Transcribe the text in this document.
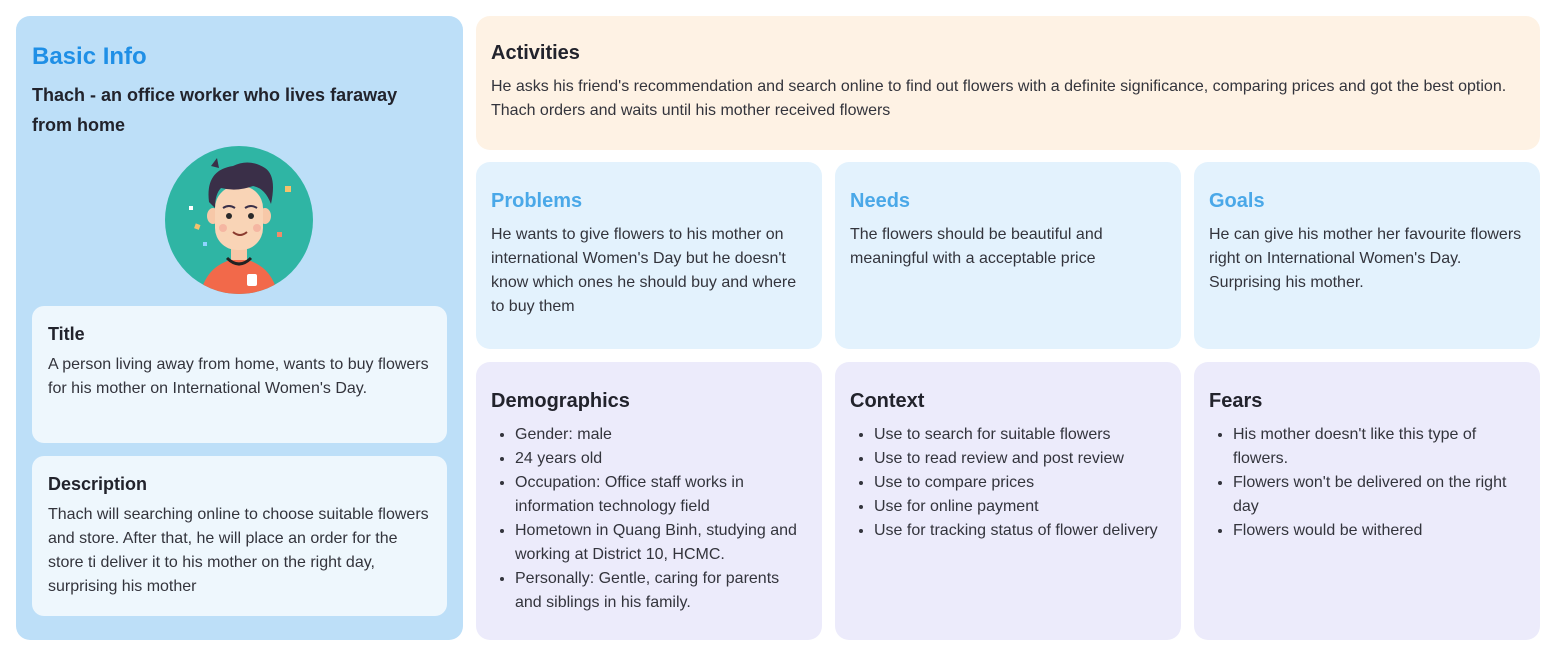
Basic Info

Thach - an office worker who lives faraway from home

Title

A person living away from home, wants to buy flowers for his mother on International Women's Day.

Description

Thach will searching online to choose suitable flowers and store. After that, he will place an order for the store ti deliver it to his mother on the right day, surprising his mother

Activities

He asks his friend's recommendation and search online to find out flowers with a definite significance, comparing prices and got the best option. Thach orders and waits until his mother received flowers

Problems

He wants to give flowers to his mother on international Women's Day but he doesn't know which ones he should buy and where to buy them

Needs

The flowers should be beautiful and meaningful with a acceptable price

Goals

He can give his mother her favourite flowers right on International Women's Day. Surprising his mother.

Demographics
• Gender: male
• 24 years old
• Occupation: Office staff works in information technology field
• Hometown in Quang Binh, studying and working at District 10, HCMC.
• Personally: Gentle, caring for parents and siblings in his family.
Context
• Use to search for suitable flowers
• Use to read review and post review
• Use to compare prices
• Use for online payment
• Use for tracking status of flower delivery
Fears
• His mother doesn't like this type of flowers.
• Flowers won't be delivered on the right day
• Flowers would be withered
